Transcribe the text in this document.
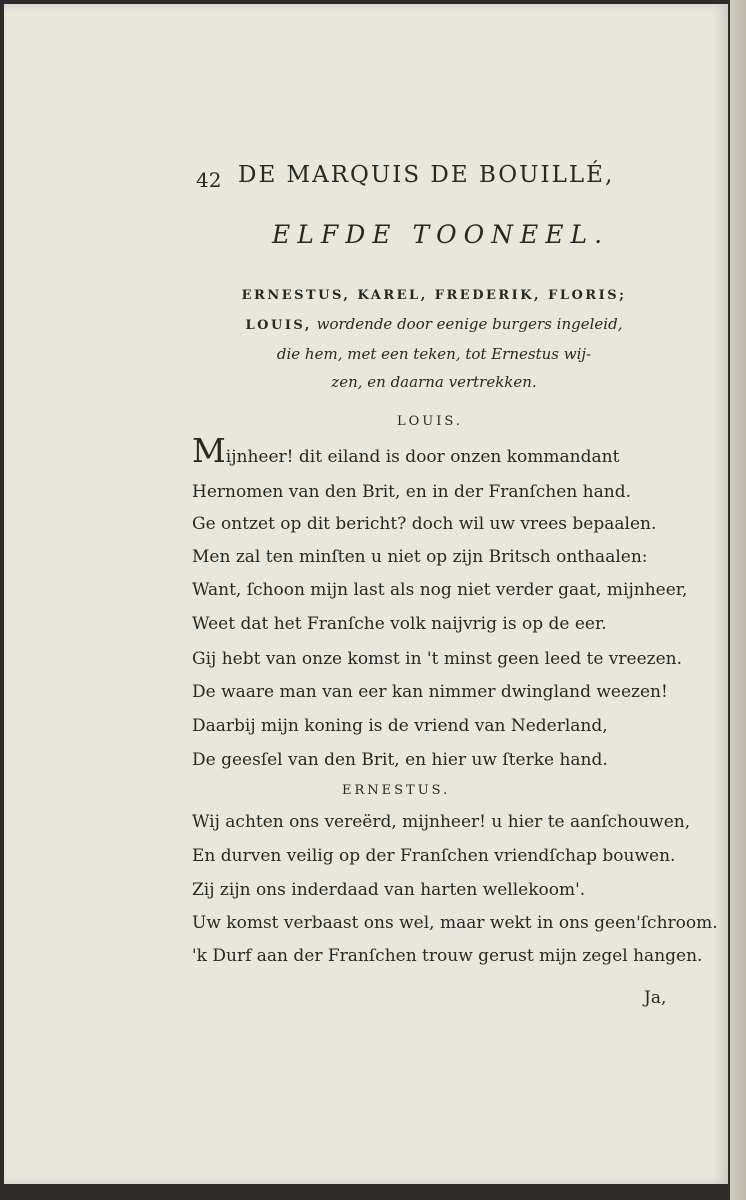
42 DE MARQUIS DE BOUILLÉ,
ELFDE TOONEEL.
ERNESTUS, KAREL, FREDERIK, FLORIS;
LOUIS, wordende door eenige burgers ingeleid,
die hem, met een teken, tot Ernestus wij-
zen, en daarna vertrekken.
LOUIS.
Mijnheer! dit eiland is door onzen kommandant
Hernomen van den Brit, en in der Franſchen hand.
Ge ontzet op dit bericht? doch wil uw vrees bepaalen.
Men zal ten minſten u niet op zijn Britsch onthaalen:
Want, ſchoon mijn last als nog niet verder gaat, mijnheer,
Weet dat het Franſche volk naijvrig is op de eer.
Gij hebt van onze komst in 't minst geen leed te vreezen.
De waare man van eer kan nimmer dwingland weezen!
Daarbij mijn koning is de vriend van Nederland,
De geesſel van den Brit, en hier uw ſterke hand.
ERNESTUS.
Wij achten ons vereërd, mijnheer! u hier te aanſchouwen,
En durven veilig op der Franſchen vriendſchap bouwen.
Zij zijn ons inderdaad van harten wellekoom'.
Uw komst verbaast ons wel, maar wekt in ons geen'ſchroom.
'k Durf aan der Franſchen trouw gerust mijn zegel hangen.
Ja,
